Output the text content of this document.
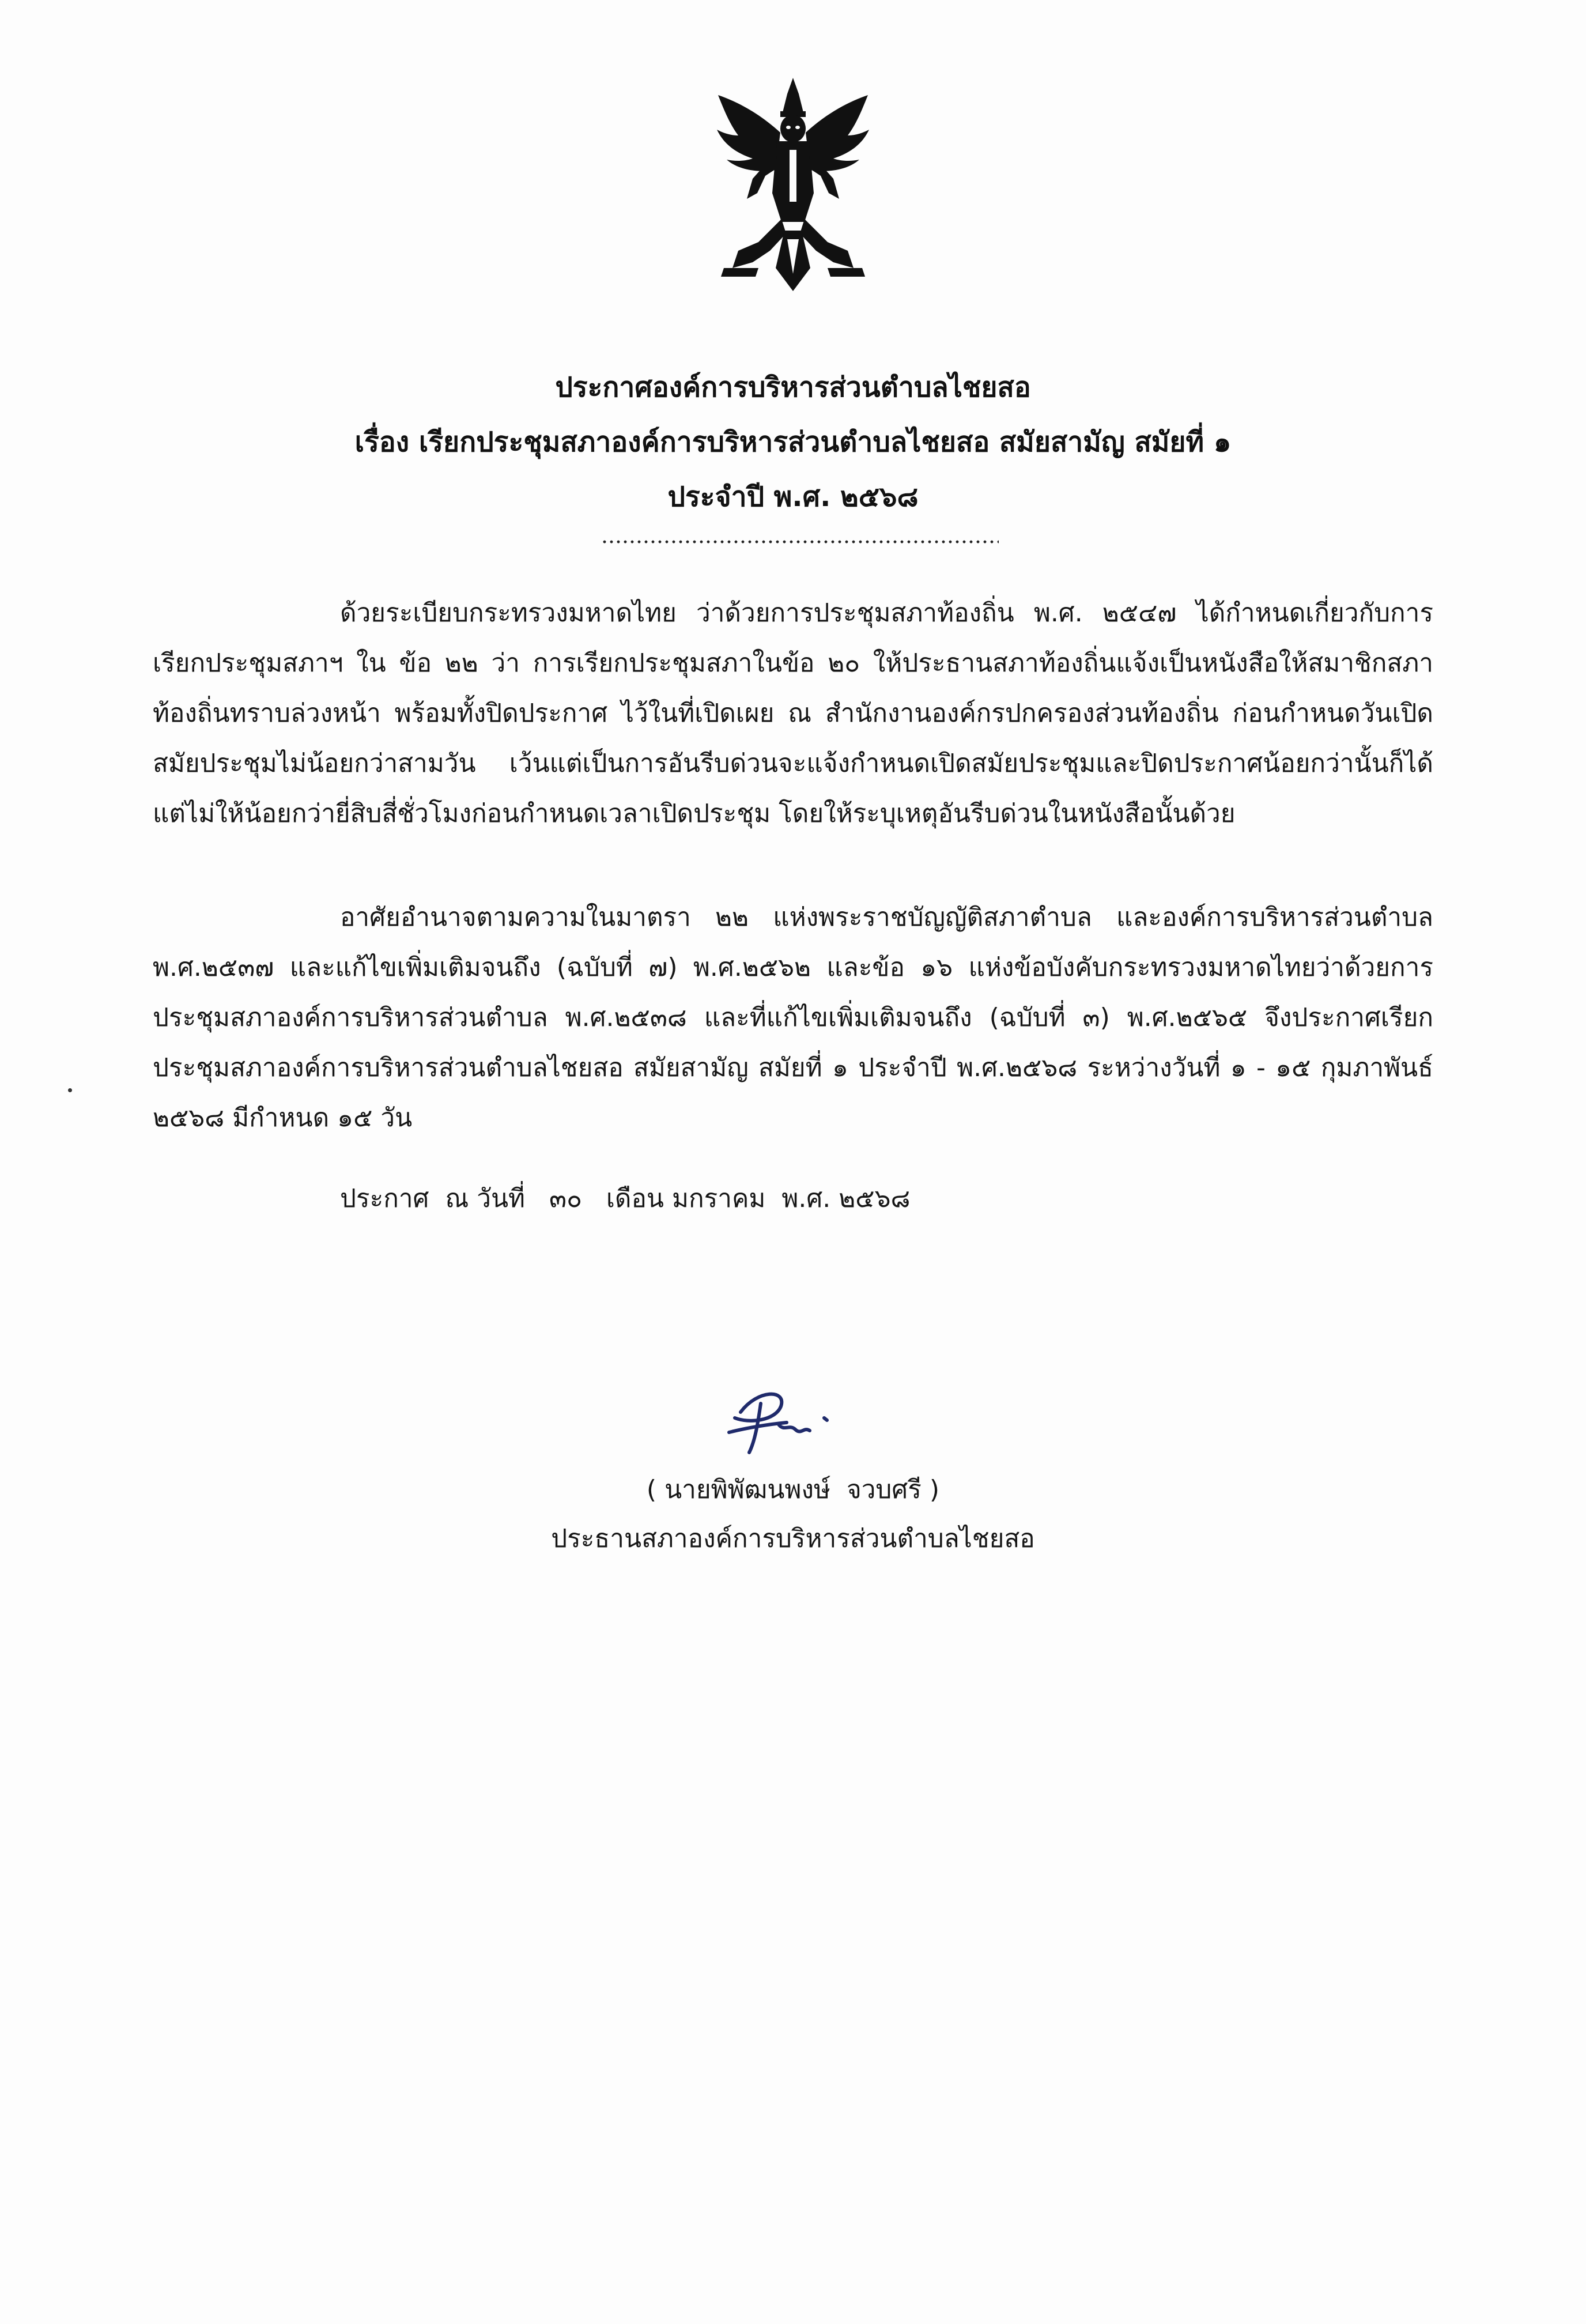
ประกาศองค์การบริหารส่วนตำบลไชยสอ
เรื่อง เรียกประชุมสภาองค์การบริหารส่วนตำบลไชยสอ สมัยสามัญ สมัยที่ ๑
ประจำปี พ.ศ. ๒๕๖๘
ด้วยระเบียบกระทรวงมหาดไทย ว่าด้วยการประชุมสภาท้องถิ่น พ.ศ. ๒๕๔๗ ได้กำหนดเกี่ยวกับการเรียกประชุมสภาฯ ใน ข้อ ๒๒ ว่า การเรียกประชุมสภาในข้อ ๒๐ ให้ประธานสภาท้องถิ่นแจ้งเป็นหนังสือให้สมาชิกสภาท้องถิ่นทราบล่วงหน้า พร้อมทั้งปิดประกาศ ไว้ในที่เปิดเผย ณ สำนักงานองค์กรปกครองส่วนท้องถิ่น ก่อนกำหนดวันเปิดสมัยประชุมไม่น้อยกว่าสามวัน เว้นแต่เป็นการอันรีบด่วนจะแจ้งกำหนดเปิดสมัยประชุมและปิดประกาศน้อยกว่านั้นก็ได้แต่ไม่ให้น้อยกว่ายี่สิบสี่ชั่วโมงก่อนกำหนดเวลาเปิดประชุม โดยให้ระบุเหตุอันรีบด่วนในหนังสือนั้นด้วย
อาศัยอำนาจตามความในมาตรา ๒๒ แห่งพระราชบัญญัติสภาตำบล และองค์การบริหารส่วนตำบล พ.ศ.๒๕๓๗ และแก้ไขเพิ่มเติมจนถึง (ฉบับที่ ๗) พ.ศ.๒๕๖๒ และข้อ ๑๖ แห่งข้อบังคับกระทรวงมหาดไทยว่าด้วยการประชุมสภาองค์การบริหารส่วนตำบล พ.ศ.๒๕๓๘ และที่แก้ไขเพิ่มเติมจนถึง (ฉบับที่ ๓) พ.ศ.๒๕๖๕ จึงประกาศเรียกประชุมสภาองค์การบริหารส่วนตำบลไชยสอ สมัยสามัญ สมัยที่ ๑ ประจำปี พ.ศ.๒๕๖๘ ระหว่างวันที่ ๑ - ๑๕ กุมภาพันธ์ ๒๕๖๘ มีกำหนด ๑๕ วัน
ประกาศ  ณ วันที่   ๓๐   เดือน มกราคม  พ.ศ. ๒๕๖๘
( นายพิพัฒนพงษ์  จวบศรี )
ประธานสภาองค์การบริหารส่วนตำบลไชยสอ
